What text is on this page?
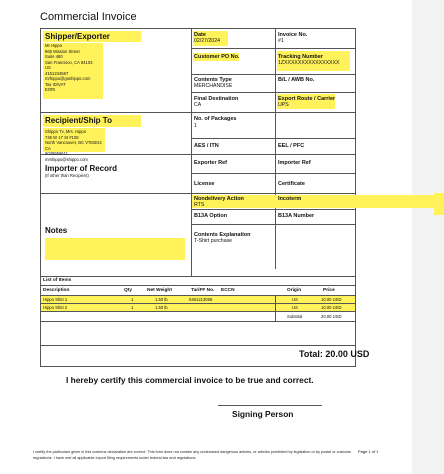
Commercial Invoice
Shipper/Exporter
Mr Hippo
965 Mission Street
Suite 480
San Francisco, CA 94103
US
4151234567
mrhippo@goshippo.com
Tax ID/VAT
EORI
Recipient/Ship To
Shippo Tv, Mrs. Hippo
746 W 17 St #108
North Vancouver, BC V7M3G4
CA
6048656611
mrshippo@shippo.com
Importer of Record
(If other than Recipient)
Notes
Date
02/27/2024
Invoice No.
#1
Customer PO No.	Tracking Number
1ZXXXXXXXXXXXXXXXX
Contents Type
MERCHANDISE
B/L / AWB No.
Final Destination
CA
Export Route / Carrier
UPS
No. of Packages
1
AES / ITN	EEL / PFC
Exporter Ref	Importer Ref
License	Certificate
Nondelivery Action
RTS
Incoterm
B13A Option	B13A Number
Contents Explanation
T-Shirt purchase
List of Items
Description	Qty	Net Weight	TariFF No. ECCN	Origin	Price
Hippo Shirt 1	1	1.50 lb	0461213058	US	10.00 USD
Hippo Shirt 2	1	1.50 lb	US	10.00 USD
Subtotal	20.00 USD
Total: 20.00 USD
I hereby certify this commercial invoice to be true and correct.
Signing Person
I certify the particulars given in this customs declaration are correct. This form does not contain any undeclared dangerous articles, or articles prohibited by legislation or by postal or customs regulations. I have met all applicable export filing requirements under federal law and regulations.
Page 1 of 1
